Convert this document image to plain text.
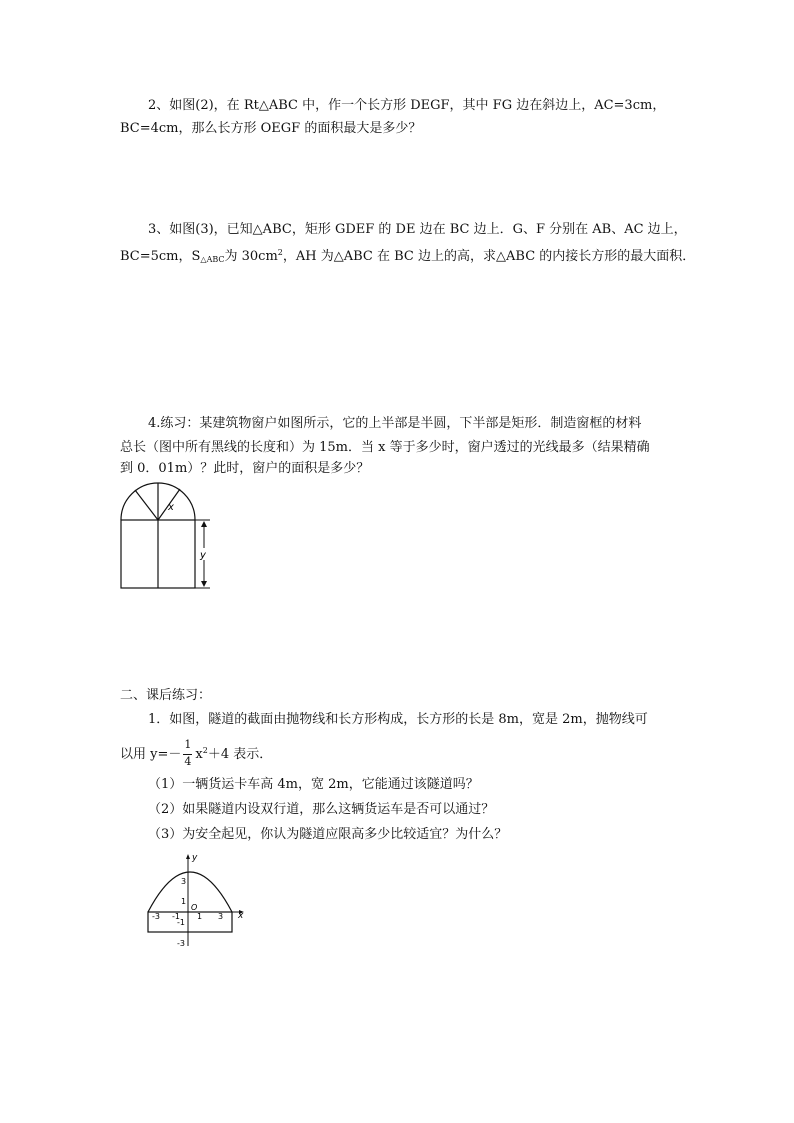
2、如图(2)，在 Rt△ABC 中，作一个长方形 DEGF，其中 FG 边在斜边上，AC=3cm，
BC=4cm，那么长方形 OEGF 的面积最大是多少？
3、如图(3)，已知△ABC，矩形 GDEF 的 DE 边在 BC 边上．G、F 分别在 AB、AC 边上，
BC=5cm，$S_{\triangle ABC}$为 $30cm^2$，AH 为△ABC 在 BC 边上的高，求△ABC 的内接长方形的最大面积．
4.练习：某建筑物窗户如图所示，它的上半部是半圆，下半部是矩形．制造窗框的材料
总长（图中所有黑线的长度和）为 15m．当 x 等于多少时，窗户透过的光线最多（结果精确
到 0．01m）？此时，窗户的面积是多少？
x
y
二、课后练习：
1．如图，隧道的截面由抛物线和长方形构成，长方形的长是 8m，宽是 2m，抛物线可
以用 $y=- \frac{1}{4} x^2+4$ 表示．
（1）一辆货运卡车高 4m，宽 2m，它能通过该隧道吗？
（2）如果隧道内设双行道，那么这辆货运车是否可以通过？
（3）为安全起见，你认为隧道应限高多少比较适宜？为什么？
y
x
O
3
1
-1
-3
-3 -1 1 3
